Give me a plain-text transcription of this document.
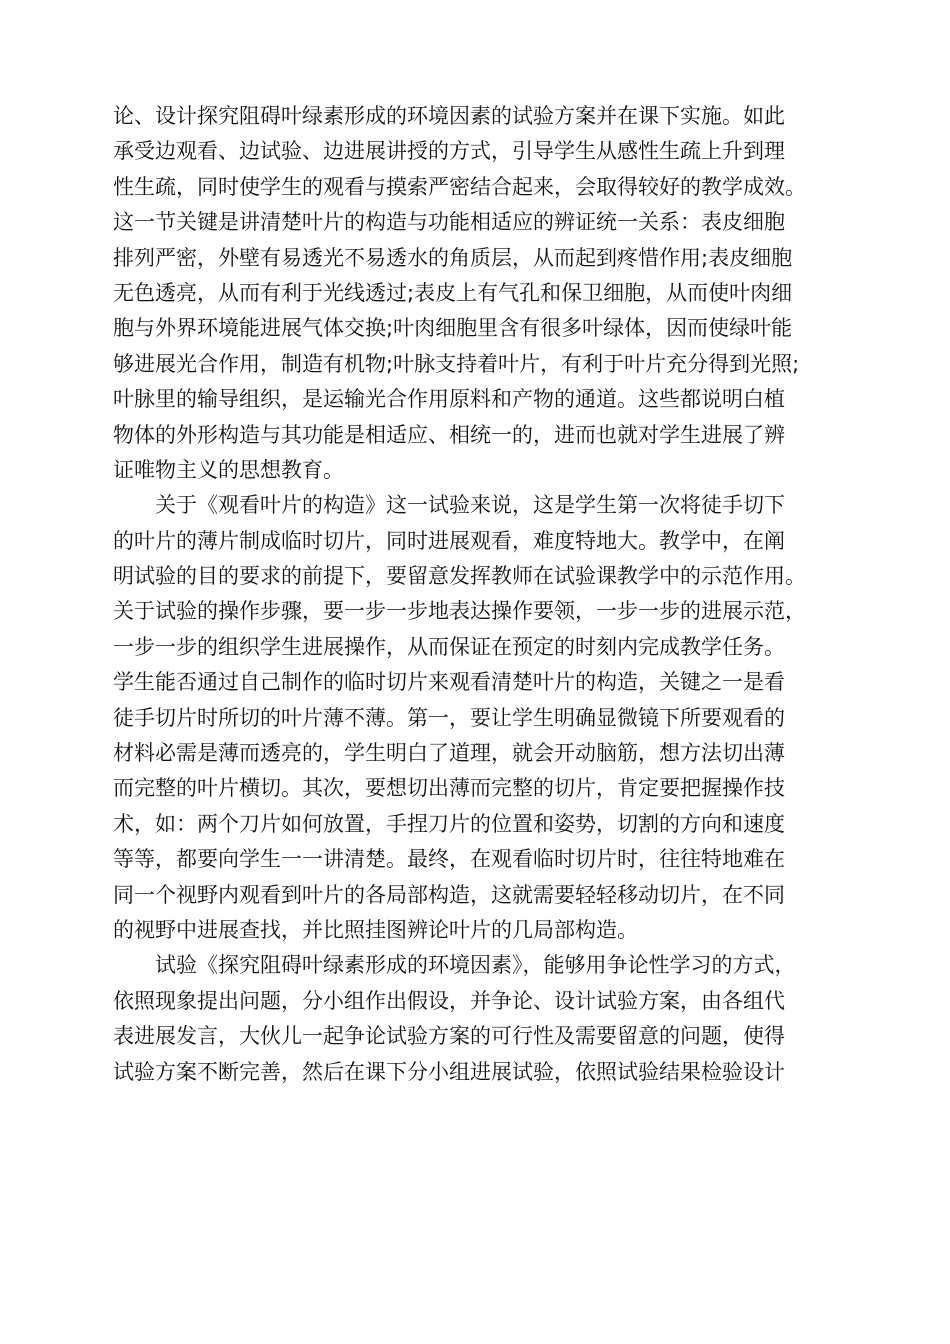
论、设计探究阻碍叶绿素形成的环境因素的试验方案并在课下实施。如此
承受边观看、边试验、边进展讲授的方式，引导学生从感性生疏上升到理
性生疏，同时使学生的观看与摸索严密结合起来，会取得较好的教学成效。
这一节关键是讲清楚叶片的构造与功能相适应的辨证统一关系：表皮细胞
排列严密，外壁有易透光不易透水的角质层，从而起到疼惜作用;表皮细胞
无色透亮，从而有利于光线透过;表皮上有气孔和保卫细胞，从而使叶肉细
胞与外界环境能进展气体交换;叶肉细胞里含有很多叶绿体，因而使绿叶能
够进展光合作用，制造有机物;叶脉支持着叶片，有利于叶片充分得到光照;
叶脉里的输导组织，是运输光合作用原料和产物的通道。这些都说明白植
物体的外形构造与其功能是相适应、相统一的，进而也就对学生进展了辨
证唯物主义的思想教育。
关于《观看叶片的构造》这一试验来说，这是学生第一次将徒手切下
的叶片的薄片制成临时切片，同时进展观看，难度特地大。教学中，在阐
明试验的目的要求的前提下，要留意发挥教师在试验课教学中的示范作用。
关于试验的操作步骤，要一步一步地表达操作要领，一步一步的进展示范，
一步一步的组织学生进展操作，从而保证在预定的时刻内完成教学任务。
学生能否通过自己制作的临时切片来观看清楚叶片的构造，关键之一是看
徒手切片时所切的叶片薄不薄。第一，要让学生明确显微镜下所要观看的
材料必需是薄而透亮的，学生明白了道理，就会开动脑筋，想方法切出薄
而完整的叶片横切。其次，要想切出薄而完整的切片，肯定要把握操作技
术，如：两个刀片如何放置，手捏刀片的位置和姿势，切割的方向和速度
等等，都要向学生一一讲清楚。最终，在观看临时切片时，往往特地难在
同一个视野内观看到叶片的各局部构造，这就需要轻轻移动切片，在不同
的视野中进展查找，并比照挂图辨论叶片的几局部构造。
试验《探究阻碍叶绿素形成的环境因素》，能够用争论性学习的方式，
依照现象提出问题，分小组作出假设，并争论、设计试验方案，由各组代
表进展发言，大伙儿一起争论试验方案的可行性及需要留意的问题，使得
试验方案不断完善，然后在课下分小组进展试验，依照试验结果检验设计
